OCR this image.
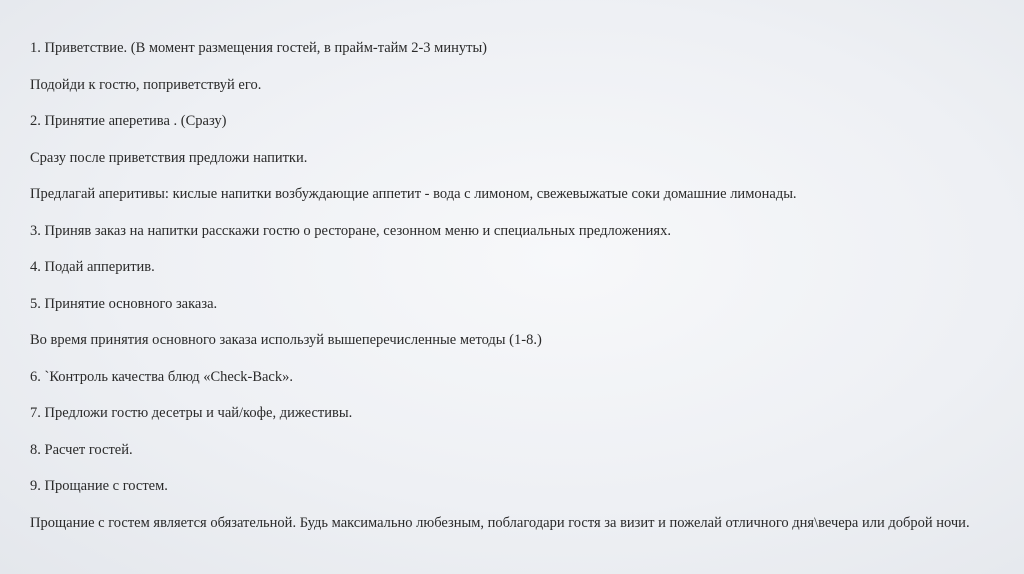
1. Приветствие. (В момент размещения гостей, в прайм-тайм 2-3 минуты)

Подойди к гостю, поприветствуй его.

2. Принятие аперетива . (Сразу)

Сразу после приветствия предложи напитки.

Предлагай аперитивы: кислые напитки возбуждающие аппетит - вода с лимоном, свежевыжатые соки домашние лимонады.

3. Приняв заказ на напитки расскажи гостю о ресторане, сезонном меню и специальных предложениях.

4. Подай апперитив.

5. Принятие основного заказа.

Во время принятия основного заказа используй вышеперечисленные методы (1-8.)

6. `Контроль качества блюд «Check-Back».

7. Предложи гостю десетры и чай/кофе, дижестивы.

8. Расчет гостей.

9. Прощание с гостем.

Прощание с гостем является обязательной. Будь максимально любезным, поблагодари гостя за визит и пожелай отличного дня\вечера или доброй ночи.
